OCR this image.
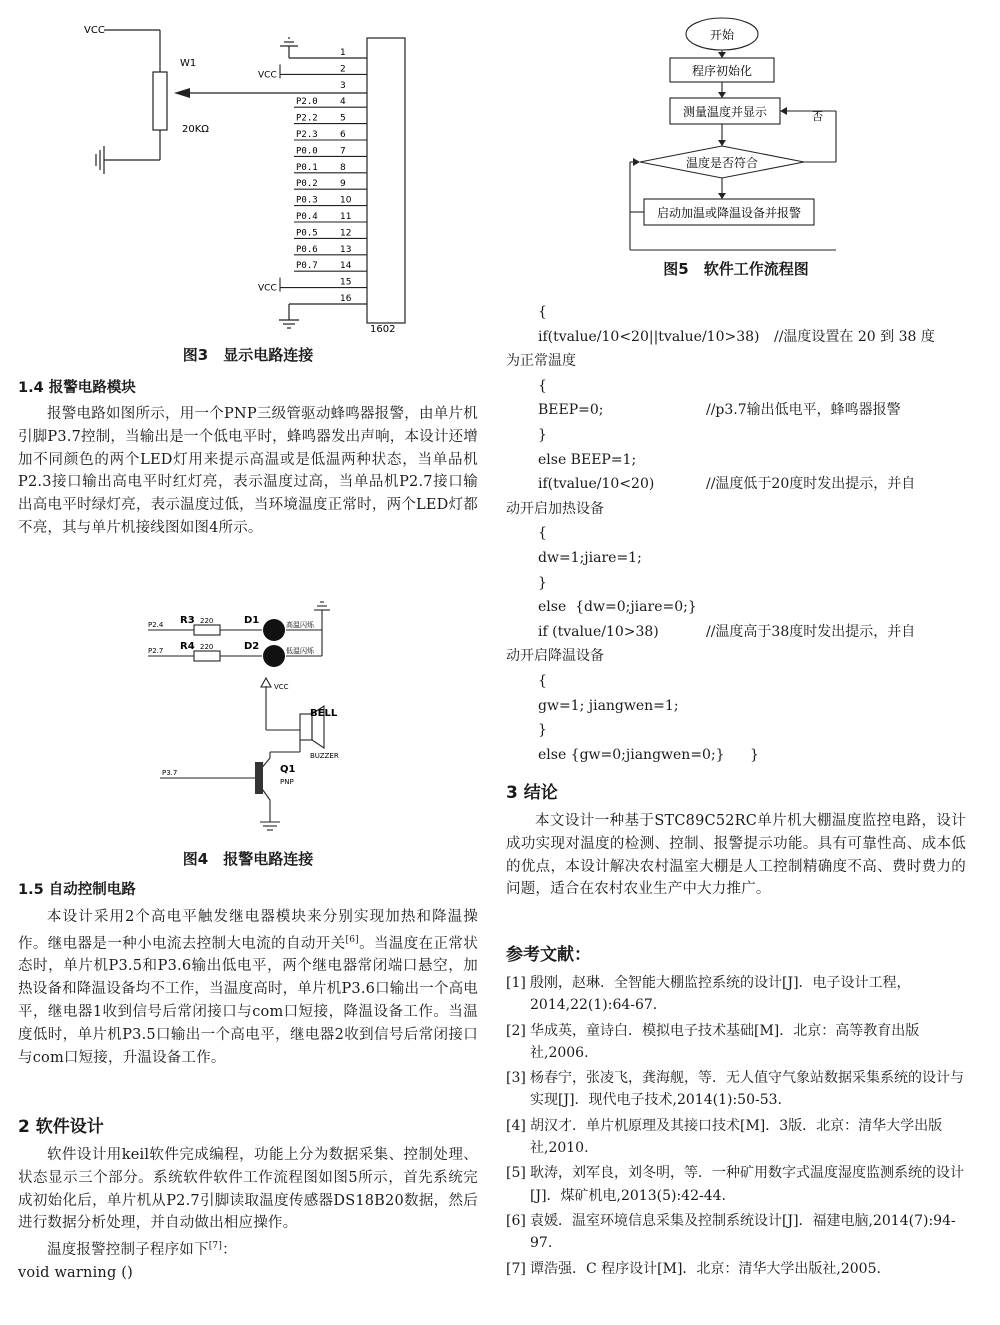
VCC
W1
20KΩ
1602
1
2
VCC
3
4
P2.0
5
P2.2
6
P2.3
7
P0.0
8
P0.1
9
P0.2
10
P0.3
11
P0.4
12
P0.5
13
P0.6
14
P0.7
15
VCC
16
图3　显示电路连接
1.4 报警电路模块

报警电路如图所示，用一个PNP三级管驱动蜂鸣器报警，由单片机引脚P3.7控制，当输出是一个低电平时，蜂鸣器发出声响，本设计还增加不同颜色的两个LED灯用来提示高温或是低温两种状态，当单品机P2.3接口输出高电平时红灯亮，表示温度过高，当单品机P2.7接口输出高电平时绿灯亮，表示温度过低，当环境温度正常时，两个LED灯都不亮，其与单片机接线图如图4所示。

P2.4
P2.7
P3.7
R3
R4
220
220
D1
D2
高温闪烁
低温闪烁
VCC
BELL
BUZZER
Q1
PNP
图4　报警电路连接
1.5 自动控制电路

本设计采用2个高电平触发继电器模块来分别实现加热和降温操作。继电器是一种小电流去控制大电流的自动开关[6]。当温度在正常状态时，单片机P3.5和P3.6输出低电平，两个继电器常闭端口悬空，加热设备和降温设备均不工作，当温度高时，单片机P3.6口输出一个高电平，继电器1收到信号后常闭接口与com口短接，降温设备工作。当温度低时，单片机P3.5口输出一个高电平，继电器2收到信号后常闭接口与com口短接，升温设备工作。

2 软件设计

软件设计用keil软件完成编程，功能上分为数据采集、控制处理、状态显示三个部分。系统软件软件工作流程图如图5所示，首先系统完成初始化后，单片机从P2.7引脚读取温度传感器DS18B20数据，然后进行数据分析处理，并自动做出相应操作。

温度报警控制子程序如下[7]：

void warning ()
开始
程序初始化
测量温度并显示
温度是否符合
启动加温或降温设备并报警
否
图5　软件工作流程图
{
if(tvalue/10<20||tvalue/10>38) //温度设置在 20 到 38 度
为正常温度
{
BEEP=0;	//p3.7输出低电平，蜂鸣器报警
}
else BEEP=1;
if(tvalue/10<20)	//温度低于20度时发出提示，并自
动开启加热设备
{
dw=1;jiare=1;
}
else  {dw=0;jiare=0;}
if (tvalue/10>38)	//温度高于38度时发出提示，并自
动开启降温设备
{
gw=1; jiangwen=1;
}
else {gw=0;jiangwen=0;} }
3 结论

本文设计一种基于STC89C52RC单片机大棚温度监控电路，设计成功实现对温度的检测、控制、报警提示功能。具有可靠性高、成本低的优点，本设计解决农村温室大棚是人工控制精确度不高、费时费力的问题，适合在农村农业生产中大力推广。

参考文献：
[1] 殷刚，赵琳．全智能大棚监控系统的设计[J]．电子设计工程，2014,22(1):64-67.
[2] 华成英，童诗白．模拟电子技术基础[M]．北京：高等教育出版社,2006.
[3] 杨春宁，张凌飞，龚海舰，等．无人值守气象站数据采集系统的设计与实现[J]．现代电子技术,2014(1):50-53.
[4] 胡汉才．单片机原理及其接口技术[M]．3版．北京：清华大学出版社,2010.
[5] 耿涛，刘军良，刘冬明，等．一种矿用数字式温度湿度监测系统的设计[J]．煤矿机电,2013(5):42-44.
[6] 袁媛．温室环境信息采集及控制系统设计[J]．福建电脑,2014(7):94-97.
[7] 谭浩强．C 程序设计[M]．北京：清华大学出版社,2005.
